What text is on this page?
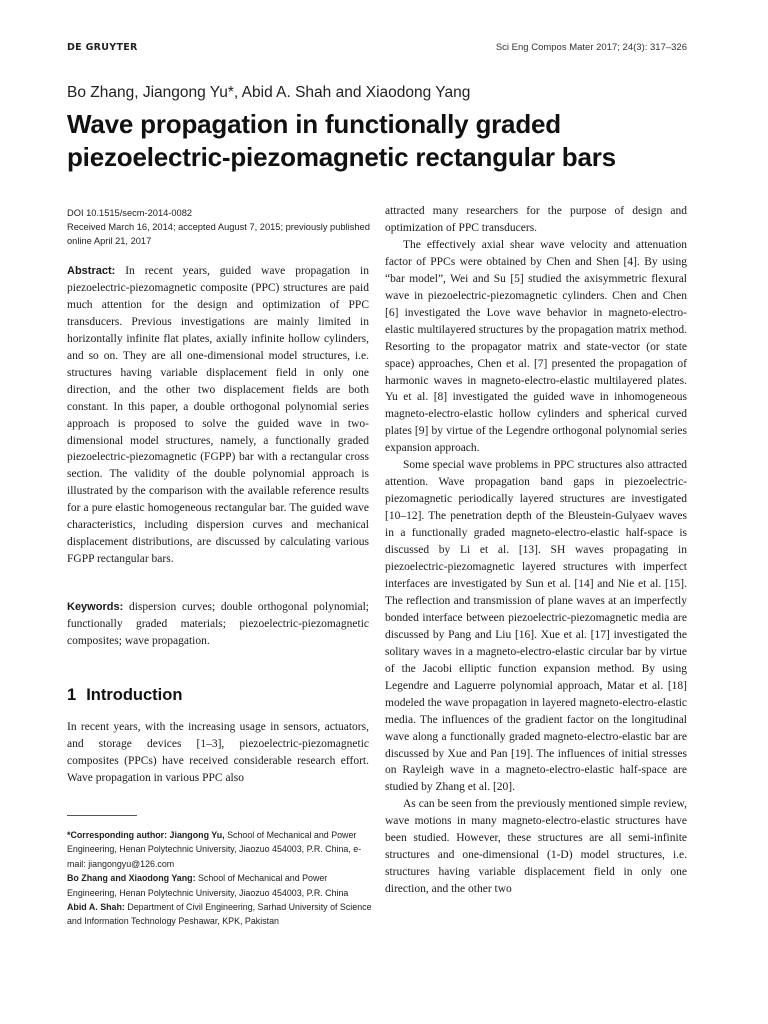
DE GRUYTER	Sci Eng Compos Mater 2017; 24(3): 317–326
Bo Zhang, Jiangong Yu*, Abid A. Shah and Xiaodong Yang
Wave propagation in functionally graded piezoelectric-piezomagnetic rectangular bars
DOI 10.1515/secm-2014-0082
Received March 16, 2014; accepted August 7, 2015; previously published online April 21, 2017

Abstract: In recent years, guided wave propagation in piezoelectric-piezomagnetic composite (PPC) structures are paid much attention for the design and optimization of PPC transducers. Previous investigations are mainly limited in horizontally infinite flat plates, axially infinite hollow cylinders, and so on. They are all one-dimensional model structures, i.e. structures having variable displacement field in only one direction, and the other two displacement fields are both constant. In this paper, a double orthogonal polynomial series approach is proposed to solve the guided wave in two-dimensional model structures, namely, a functionally graded piezoelectric-piezomagnetic (FGPP) bar with a rectangular cross section. The validity of the double polynomial approach is illustrated by the comparison with the available reference results for a pure elastic homogeneous rectangular bar. The guided wave characteristics, including dispersion curves and mechanical displacement distributions, are discussed by calculating various FGPP rectangular bars.

Keywords: dispersion curves; double orthogonal polynomial; functionally graded materials; piezoelectric-piezomagnetic composites; wave propagation.

1 Introduction

In recent years, with the increasing usage in sensors, actuators, and storage devices [1–3], piezoelectric-piezomagnetic composites (PPCs) have received considerable research effort. Wave propagation in various PPC also

*Corresponding author: Jiangong Yu, School of Mechanical and Power Engineering, Henan Polytechnic University, Jiaozuo 454003, P.R. China, e-mail: jiangongyu@126.com

Bo Zhang and Xiaodong Yang: School of Mechanical and Power Engineering, Henan Polytechnic University, Jiaozuo 454003, P.R. China

Abid A. Shah: Department of Civil Engineering, Sarhad University of Science and Information Technology Peshawar, KPK, Pakistan

attracted many researchers for the purpose of design and optimization of PPC transducers.

The effectively axial shear wave velocity and attenuation factor of PPCs were obtained by Chen and Shen [4]. By using “bar model”, Wei and Su [5] studied the axisymmetric flexural wave in piezoelectric-piezomagnetic cylinders. Chen and Chen [6] investigated the Love wave behavior in magneto-electro-elastic multilayered structures by the propagation matrix method. Resorting to the propagator matrix and state-vector (or state space) approaches, Chen et al. [7] presented the propagation of harmonic waves in magneto-electro-elastic multilayered plates. Yu et al. [8] investigated the guided wave in inhomogeneous magneto-electro-elastic hollow cylinders and spherical curved plates [9] by virtue of the Legendre orthogonal polynomial series expansion approach.

Some special wave problems in PPC structures also attracted attention. Wave propagation band gaps in piezoelectric-piezomagnetic periodically layered structures are investigated [10–12]. The penetration depth of the Bleustein-Gulyaev waves in a functionally graded magneto-electro-elastic half-space is discussed by Li et al. [13]. SH waves propagating in piezoelectric-piezomagnetic layered structures with imperfect interfaces are investigated by Sun et al. [14] and Nie et al. [15]. The reflection and transmission of plane waves at an imperfectly bonded interface between piezoelectric-piezomagnetic media are discussed by Pang and Liu [16]. Xue et al. [17] investigated the solitary waves in a magneto-electro-elastic circular bar by virtue of the Jacobi elliptic function expansion method. By using Legendre and Laguerre polynomial approach, Matar et al. [18] modeled the wave propagation in layered magneto-electro-elastic media. The influences of the gradient factor on the longitudinal wave along a functionally graded magneto-electro-elastic bar are discussed by Xue and Pan [19]. The influences of initial stresses on Rayleigh wave in a magneto-electro-elastic half-space are studied by Zhang et al. [20].

As can be seen from the previously mentioned simple review, wave motions in many magneto-electro-elastic structures have been studied. However, these structures are all semi-infinite structures and one-dimensional (1-D) model structures, i.e. structures having variable displacement field in only one direction, and the other two
